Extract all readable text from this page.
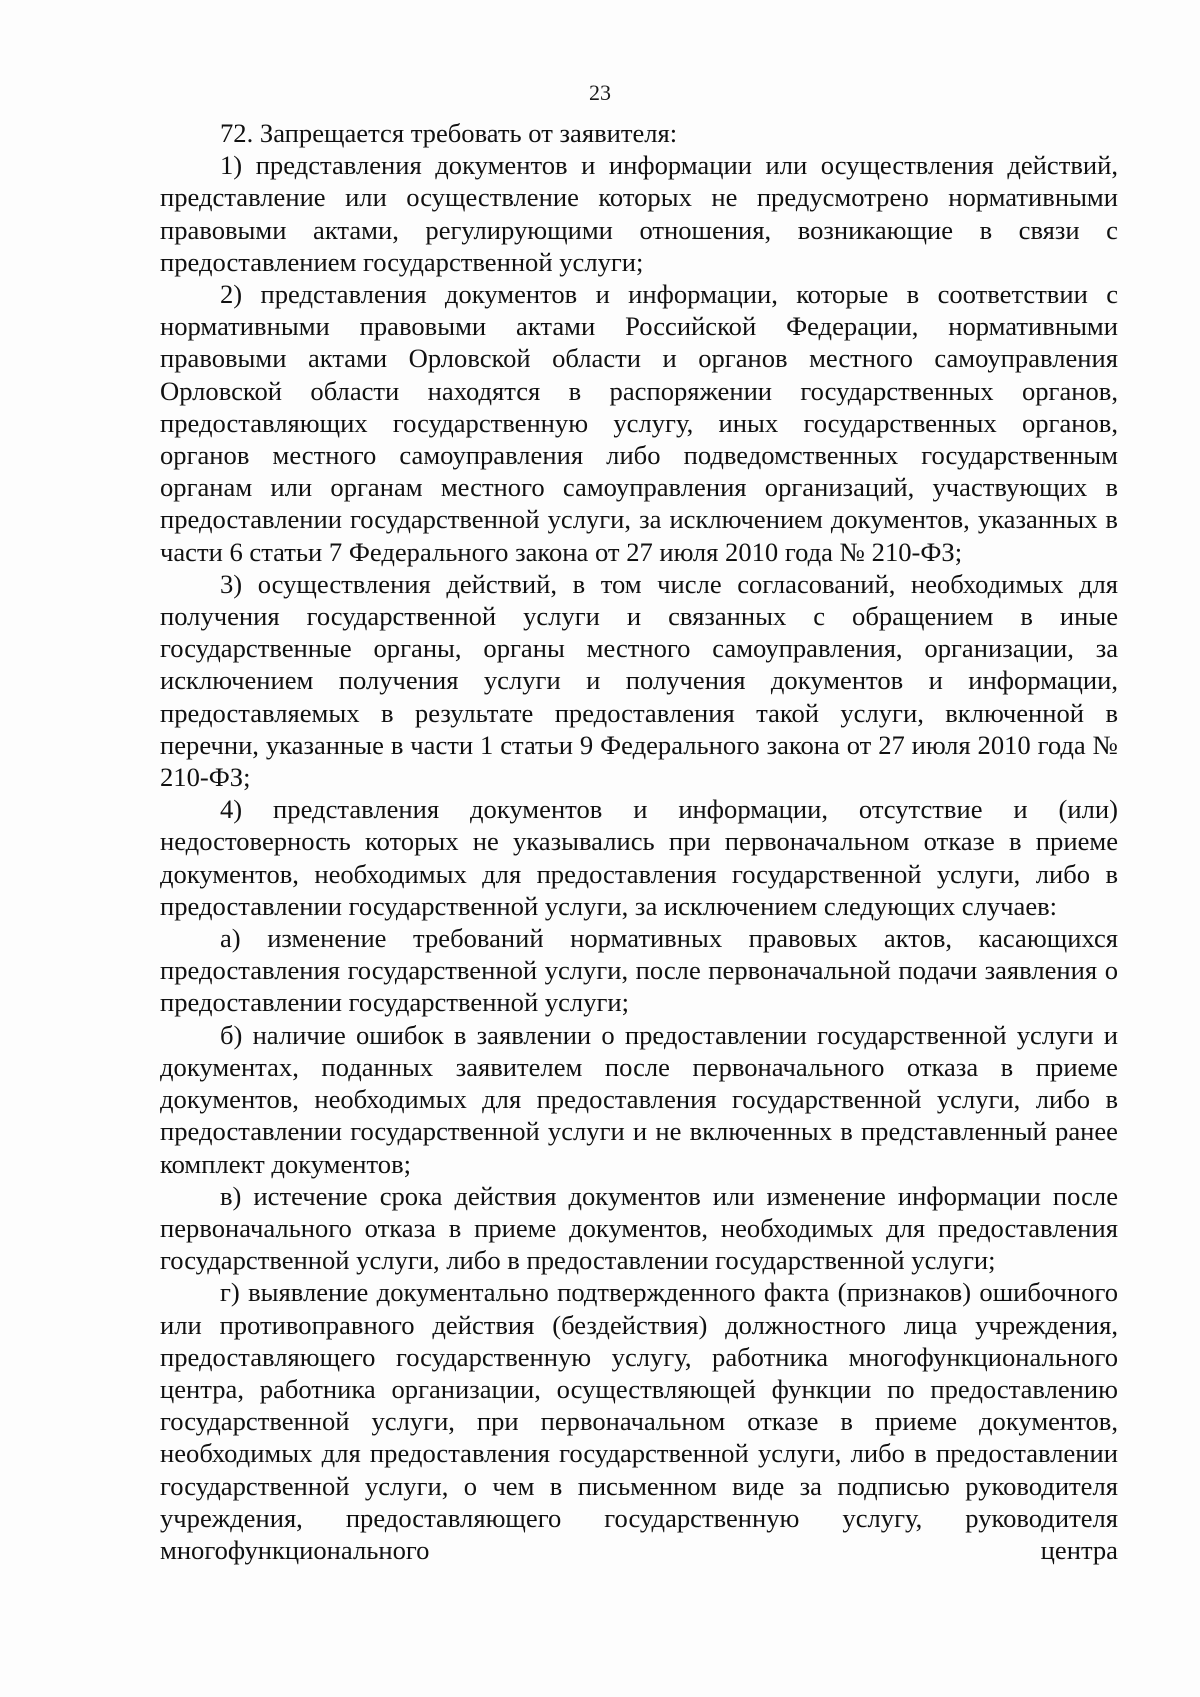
23

72. Запрещается требовать от заявителя:

1) представления документов и информации или осуществления действий, представление или осуществление которых не предусмотрено нормативными правовыми актами, регулирующими отношения, возникающие в связи с предоставлением государственной услуги;

2) представления документов и информации, которые в соответствии с нормативными правовыми актами Российской Федерации, нормативными правовыми актами Орловской области и органов местного самоуправления Орловской области находятся в распоряжении государственных органов, предоставляющих государственную услугу, иных государственных органов, органов местного самоуправления либо подведомственных государственным органам или органам местного самоуправления организаций, участвующих в предоставлении государственной услуги, за исключением документов, указанных в части 6 статьи 7 Федерального закона от 27 июля 2010 года № 210-ФЗ;

3) осуществления действий, в том числе согласований, необходимых для получения государственной услуги и связанных с обращением в иные государственные органы, органы местного самоуправления, организации, за исключением получения услуги и получения документов и информации, предоставляемых в результате предоставления такой услуги, включенной в перечни, указанные в части 1 статьи 9 Федерального закона от 27 июля 2010 года № 210-ФЗ;

4) представления документов и информации, отсутствие и (или) недостоверность которых не указывались при первоначальном отказе в приеме документов, необходимых для предоставления государственной услуги, либо в предоставлении государственной услуги, за исключением следующих случаев:

а) изменение требований нормативных правовых актов, касающихся предоставления государственной услуги, после первоначальной подачи заявления о предоставлении государственной услуги;

б) наличие ошибок в заявлении о предоставлении государственной услуги и документах, поданных заявителем после первоначального отказа в приеме документов, необходимых для предоставления государственной услуги, либо в предоставлении государственной услуги и не включенных в представленный ранее комплект документов;

в) истечение срока действия документов или изменение информации после первоначального отказа в приеме документов, необходимых для предоставления государственной услуги, либо в предоставлении государственной услуги;

г) выявление документально подтвержденного факта (признаков) ошибочного или противоправного действия (бездействия) должностного лица учреждения, предоставляющего государственную услугу, работника многофункционального центра, работника организации, осуществляющей функции по предоставлению государственной услуги, при первоначальном отказе в приеме документов, необходимых для предоставления государственной услуги, либо в предоставлении государственной услуги, о чем в письменном виде за подписью руководителя учреждения, предоставляющего государственную услугу, руководителя многофункционального центра
